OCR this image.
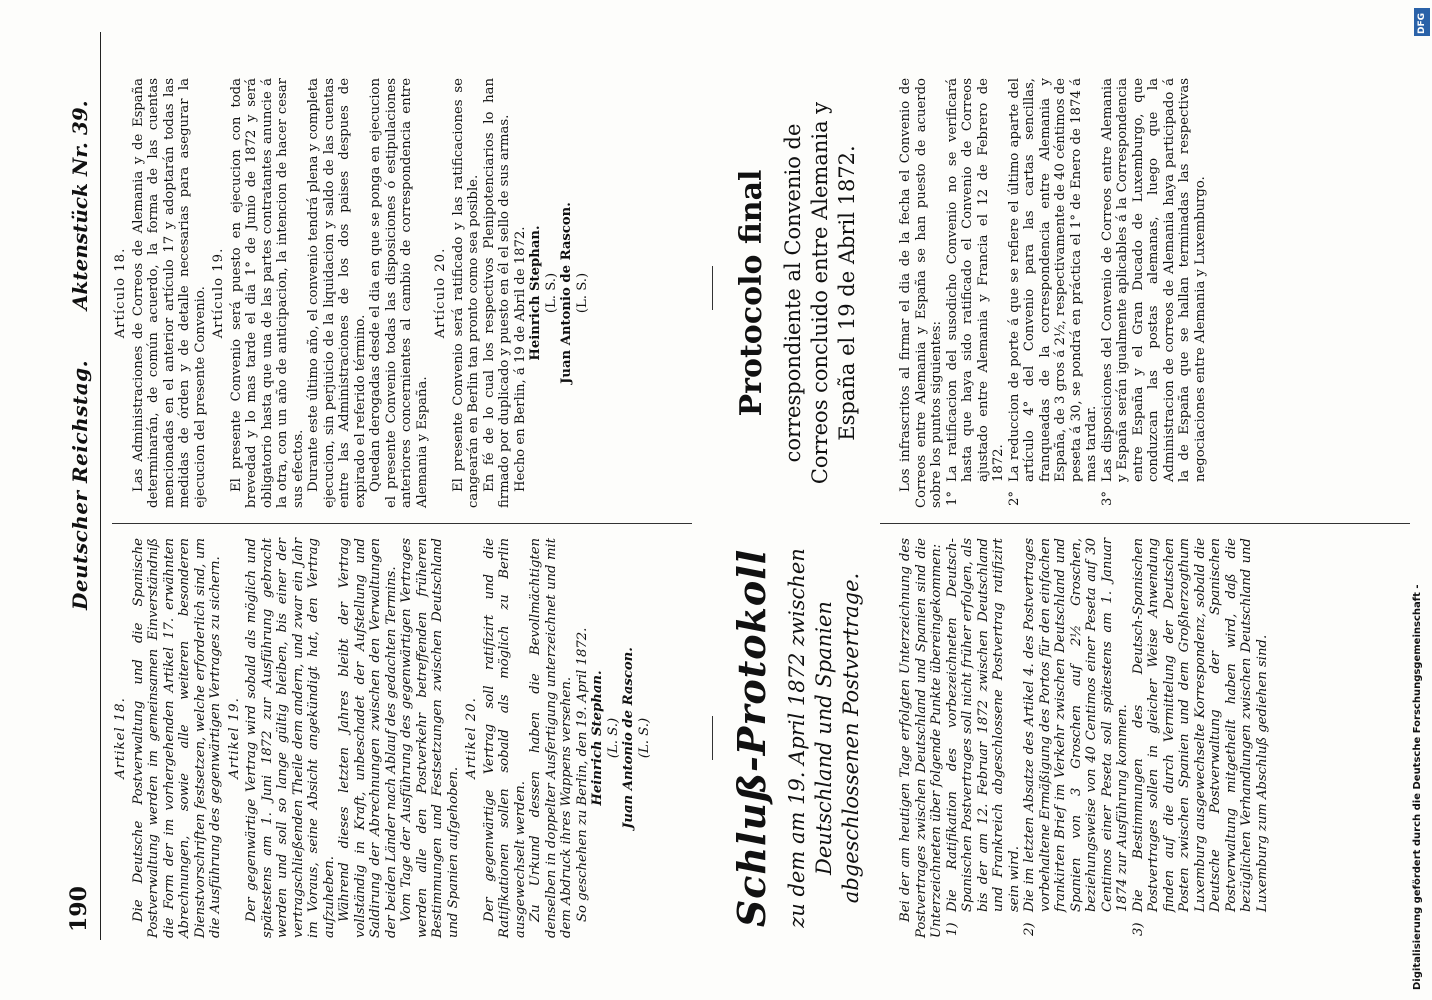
190
Deutscher Reichstag.
Aktenstück Nr. 39.

Artikel 18. Die Deutsche Postverwaltung und die Spanische Postverwaltung werden im gemeinsamen Einverständniß die Form der im vorhergehenden Artikel 17. erwähnten Abrechnungen, sowie alle weiteren besonderen Dienstvorschriften festsetzen, welche erforderlich sind, um die Ausführung des gegenwärtigen Vertrages zu sichern. Artikel 19. Der gegenwärtige Vertrag wird sobald als möglich und spätestens am 1. Juni 1872 zur Ausführung gebracht werden und soll so lange gültig bleiben, bis einer der vertragschließenden Theile dem andern, und zwar ein Jahr im Voraus, seine Absicht angekündigt hat, den Vertrag aufzuheben. Während dieses letzten Jahres bleibt der Vertrag vollständig in Kraft, unbeschadet der Aufstellung und Saldirung der Abrechnungen zwischen den Verwaltungen der beiden Länder nach Ablauf des gedachten Termins. Vom Tage der Ausführung des gegenwärtigen Vertrages werden alle den Postverkehr betreffenden früheren Bestimmungen und Festsetzungen zwischen Deutschland und Spanien aufgehoben.

Artikel 20. Der gegenwärtige Vertrag soll ratifizirt und die Ratifikationen sollen sobald als möglich zu Berlin ausgewechselt werden. Zu Urkund dessen haben die Bevollmächtigten denselben in doppelter Ausfertigung unterzeichnet und mit dem Abdruck ihres Wappens versehen. So geschehen zu Berlin, den 19. April 1872. Heinrich Stephan. (L. S.) Juan Antonio de Rascon. (L. S.)

Artículo 18. Las Administraciones de Correos de Alemania y de España determinarán, de común acuerdo, la forma de las cuentas mencionadas en el anterior artículo 17 y adoptarán todas las medidas de órden y de detalle necesarias para asegurar la ejecucion del presente Convenio. Artículo 19. El presente Convenio será puesto en ejecucion con toda brevedad y lo mas tarde el dia 1° de Junio de 1872 y será obligatorio hasta que una de las partes contratantes anuncie á la otra, con un año de anticipacion, la intencion de hacer cesar sus efectos. Durante este último año, el convenio tendrá plena y completa ejecucion, sin perjuicio de la liquidacion y saldo de las cuentas entre las Administraciones de los dos paises despues de expirado el referido término. Quedan derogadas desde el dia en que se ponga en ejecucion el presente Convenio todas las disposiciones ó estipulaciones anteriores concernientes al cambio de correspondencia entre Alemania y España.

Artículo 20. El presente Convenio será ratificado y las ratificaciones se cangearán en Berlin tan pronto como sea posible. En fé de lo cual los respectivos Plenipotenciarios lo han firmado por duplicado y puesto en él el sello de sus armas. Hecho en Berlin, á 19 de Abril de 1872. Heinrich Stephan. (L. S.) Juan Antonio de Rascon. (L. S.)

Schluß-Protokoll zu dem am 19. April 1872 zwischen Deutschland und Spanien abgeschlossenen Postvertrage.
Protocolo final correspondiente al Convenio de Correos concluido entre Alemania y España el 19 de Abril 1872.

Bei der am heutigen Tage erfolgten Unterzeichnung des Postvertrages zwischen Deutschland und Spanien sind die Unterzeichneten über folgende Punkte übereingekommen: 1)
Die Ratifikation des vorbezeichneten Deutsch-Spanischen Postvertrages soll nicht früher erfolgen, als bis der am 12. Februar 1872 zwischen Deutschland und Frankreich abgeschlossene Postvertrag ratifizirt sein wird.

2)
Die im letzten Absatze des Artikel 4. des Postvertrages vorbehaltene Ermäßigung des Portos für den einfachen frankirten Brief im Verkehr zwischen Deutschland und Spanien von 3 Groschen auf 2½ Groschen, beziehungsweise von 40 Centimos einer Peseta auf 30 Centimos einer Peseta soll spätestens am 1. Januar 1874 zur Ausführung kommen.

3)
Die Bestimmungen des Deutsch-Spanischen Postvertrages sollen in gleicher Weise Anwendung finden auf die durch Vermittelung der Deutschen Posten zwischen Spanien und dem Großherzogthum Luxemburg ausgewechselte Korrespondenz, sobald die Deutsche Postverwaltung der Spanischen Postverwaltung mitgetheilt haben wird, daß die bezüglichen Verhandlungen zwischen Deutschland und Luxemburg zum Abschluß gediehen sind.

Los infrascritos al firmar el dia de la fecha el Convenio de Correos entre Alemania y España se han puesto de acuerdo sobre los puntos siguientes: 1°
La ratificacion del susodicho Convenio no se verificará hasta que haya sido ratificado el Convenio de Correos ajustado entre Alemania y Francia el 12 de Febrero de 1872.

2°
La reduccion de porte á que se refiere el último aparte del artículo 4° del Convenio para las cartas sencillas, franqueadas de la correspondencia entre Alemania y España, de 3 gros á 2½, respectivamente de 40 céntimos de peseta á 30, se pondrá en práctica el 1° de Enero de 1874 á mas tardar.

3°
Las disposiciones del Convenio de Correos entre Alemania y España serán igualmente aplicables á la Correspondencia entre España y el Gran Ducado de Luxemburgo, que conduzcan las postas alemanas, luego que la Administracion de correos de Alemania haya participado á la de España que se hallan terminadas las respectivas negociaciones entre Alemania y Luxemburgo.

Digitalisierung gefördert durch die Deutsche Forschungsgemeinschaft -
DFG
